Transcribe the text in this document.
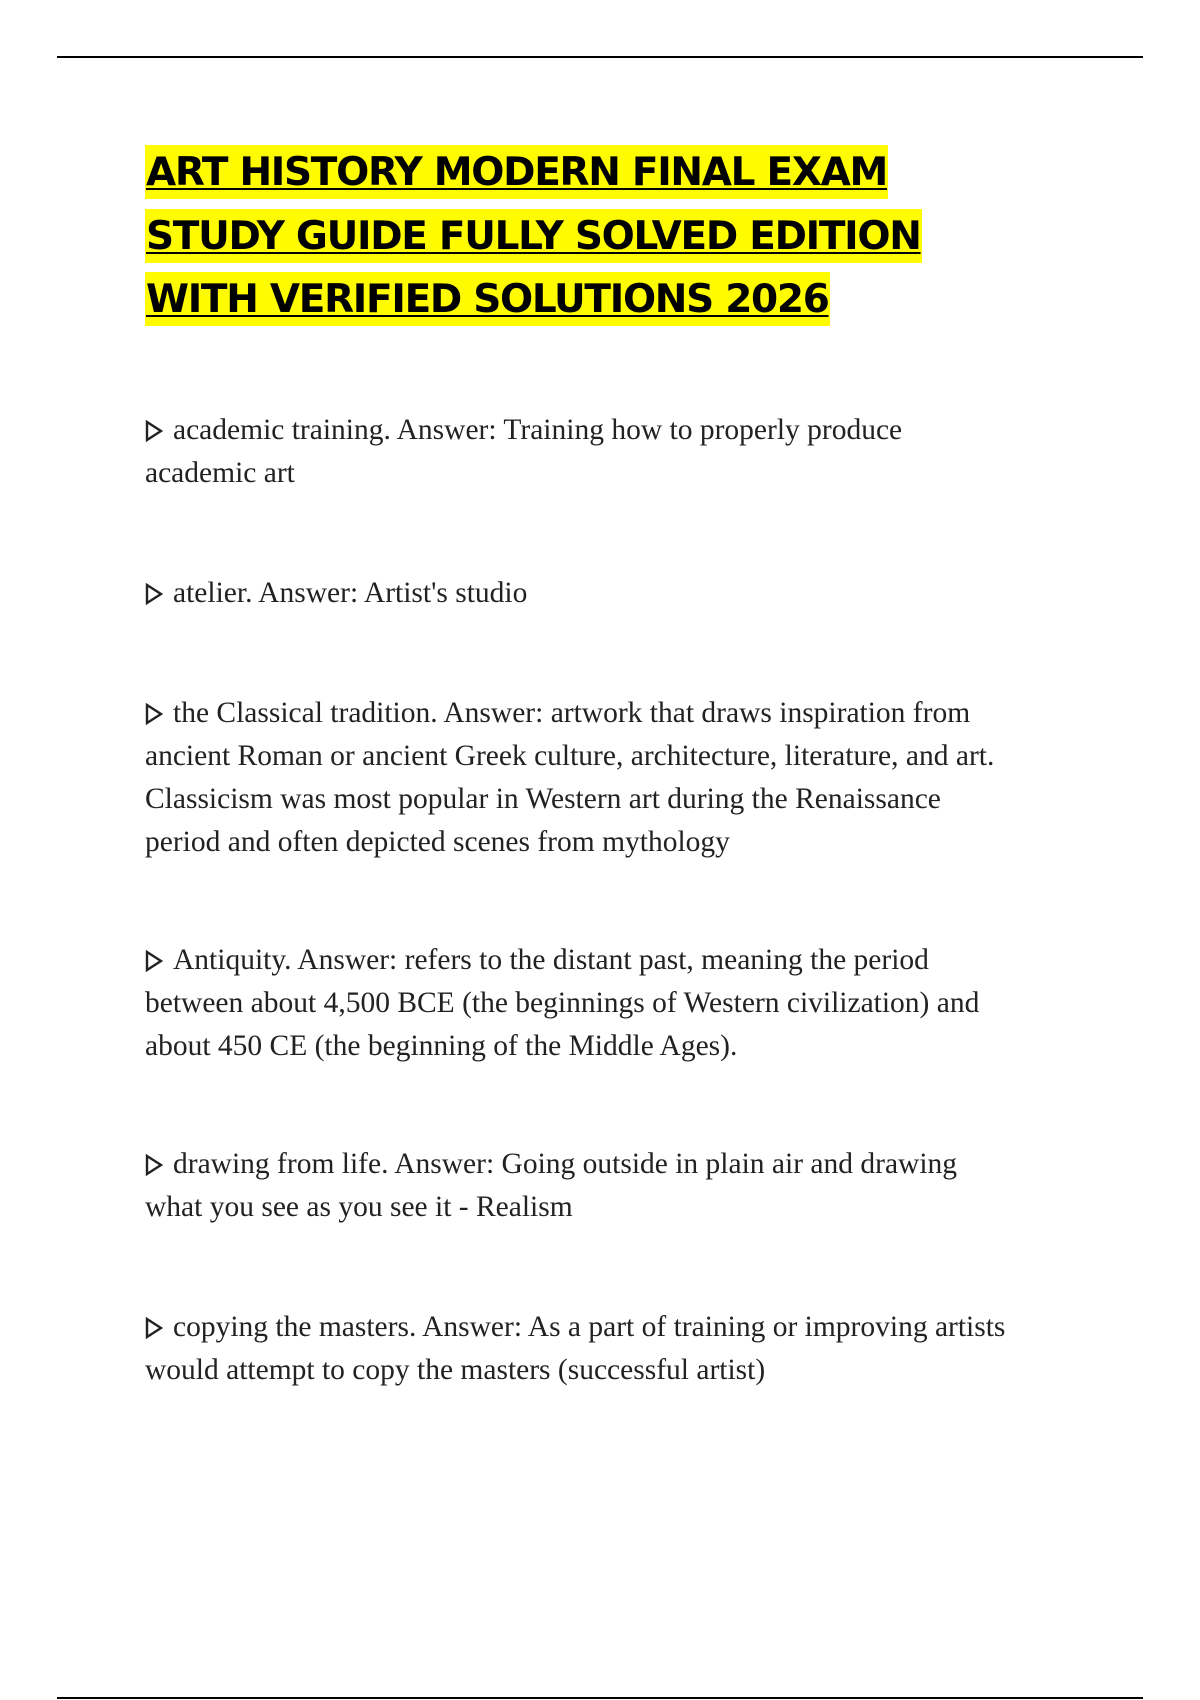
ART HISTORY MODERN FINAL EXAM
STUDY GUIDE FULLY SOLVED EDITION
WITH VERIFIED SOLUTIONS 2026
academic training. Answer: Training how to properly produce
academic art
atelier. Answer: Artist's studio
the Classical tradition. Answer: artwork that draws inspiration from
ancient Roman or ancient Greek culture, architecture, literature, and art.
Classicism was most popular in Western art during the Renaissance
period and often depicted scenes from mythology
Antiquity. Answer: refers to the distant past, meaning the period
between about 4,500 BCE (the beginnings of Western civilization) and
about 450 CE (the beginning of the Middle Ages).
drawing from life. Answer: Going outside in plain air and drawing
what you see as you see it - Realism
copying the masters. Answer: As a part of training or improving artists
would attempt to copy the masters (successful artist)
